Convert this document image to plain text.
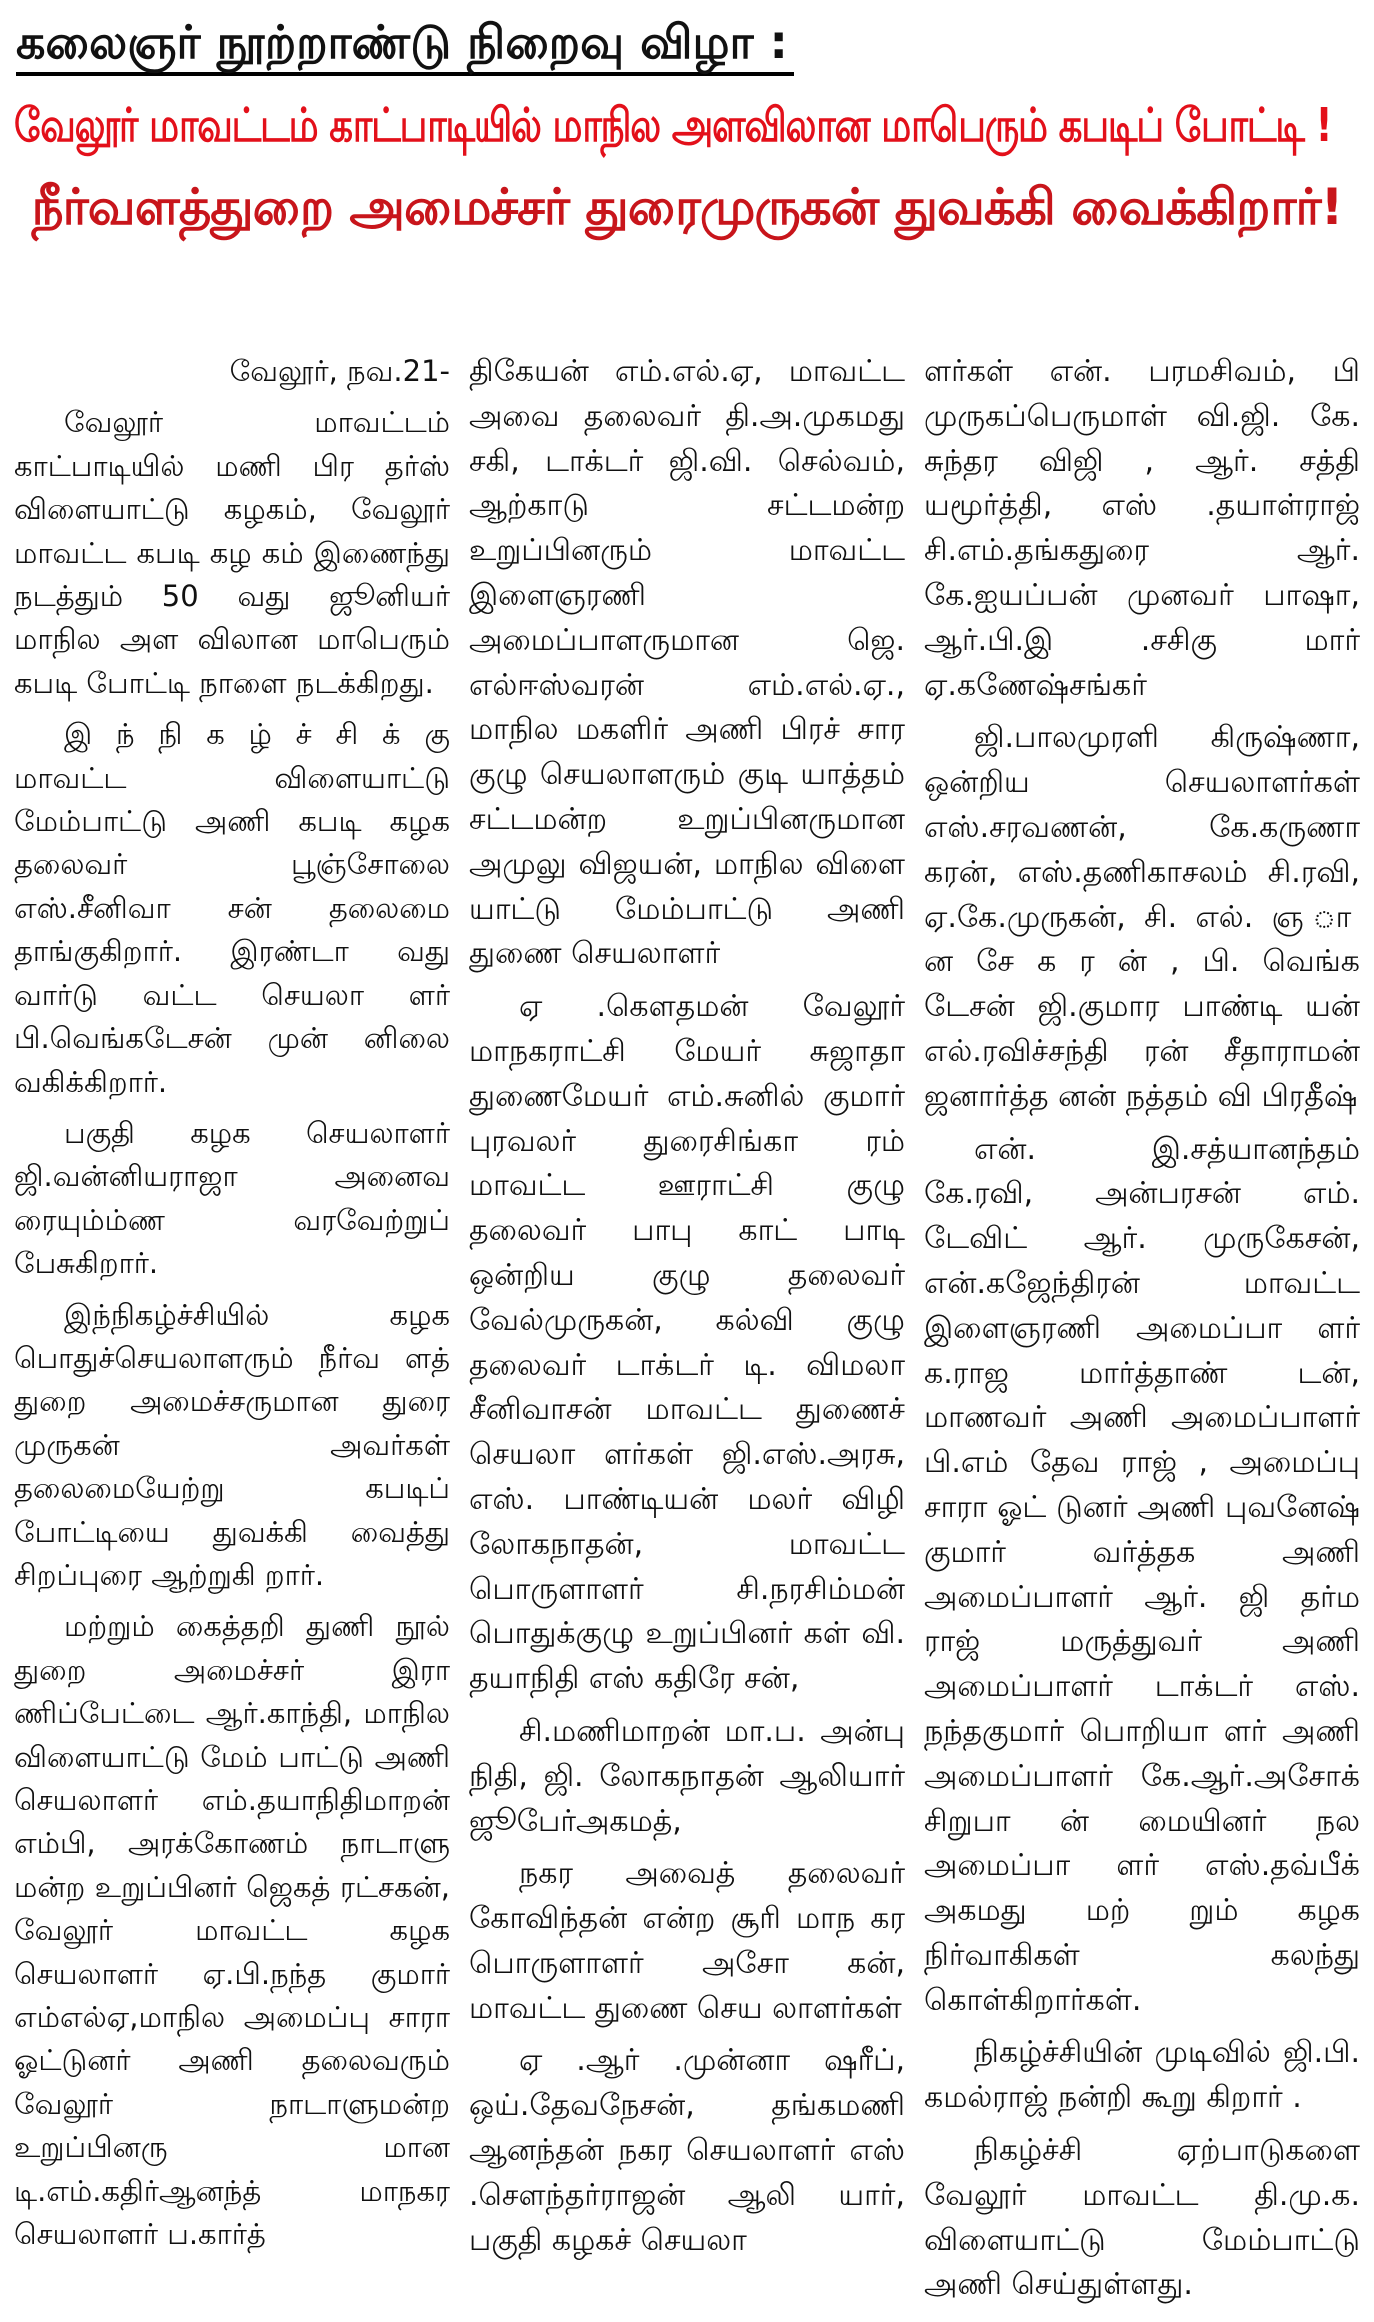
கலைஞர் நூற்றாண்டு நிறைவு விழா :
வேலூர் மாவட்டம் காட்பாடியில் மாநில அளவிலான மாபெரும் கபடிப் போட்டி !
நீர்வளத்துறை அமைச்சர் துரைமுருகன் துவக்கி வைக்கிறார்!

வேலூர், நவ.21-

வேலூர் மாவட்டம் காட்பாடியில் மணி பிர தர்ஸ் விளையாட்டு கழகம், வேலூர் மாவட்ட கபடி கழ கம் இணைந்து நடத்தும் 50 வது ஜூனியர் மாநில அள விலான மாபெரும் கபடி போட்டி நாளை நடக்கிறது.

இ ந் நி க ழ் ச் சி க் கு மாவட்ட விளையாட்டு மேம்பாட்டு அணி கபடி கழக தலைவர் பூஞ்சோலை எஸ்.சீனிவா சன் தலைமை தாங்குகிறார். இரண்டா வது வார்டு வட்ட செயலா ளர் பி.வெங்கடேசன் முன் னிலை வகிக்கிறார்.

பகுதி கழக செயலாளர் ஜி.வன்னியராஜா அனைவ ரையும்ம்ண வரவேற்றுப் பேசுகிறார்.

இந்நிகழ்ச்சியில் கழக பொதுச்செயலாளரும் நீர்வ ளத் துறை அமைச்சருமான துரை முருகன் அவர்கள் தலைமையேற்று கபடிப் போட்டியை துவக்கி வைத்து சிறப்புரை ஆற்றுகி றார்.

மற்றும் கைத்தறி துணி நூல் துறை அமைச்சர் இரா ணிப்பேட்டை ஆர்.காந்தி, மாநில விளையாட்டு மேம் பாட்டு அணி செயலாளர் எம்.தயாநிதிமாறன் எம்பி, அரக்கோணம் நாடாளு மன்ற உறுப்பினர் ஜெகத் ரட்சகன், வேலூர் மாவட்ட கழக செயலாளர் ஏ.பி.நந்த குமார் எம்எல்ஏ,மாநில அமைப்பு சாரா ஓட்டுனர் அணி தலைவரும் வேலூர் நாடாளுமன்ற உறுப்பினரு மான டி.எம்.கதிர்ஆனந்த் மாநகர செயலாளர் ப.கார்த்

திகேயன் எம்.எல்.ஏ, மாவட்ட அவை தலைவர் தி.அ.முகமது சகி, டாக்டர் ஜி.வி. செல்வம், ஆற்காடு சட்டமன்ற உறுப்பினரும் மாவட்ட இளைஞரணி அமைப்பாளருமான ஜெ. எல்ஈஸ்வரன் எம்.எல்.ஏ., மாநில மகளிர் அணி பிரச் சார குழு செயலாளரும் குடி யாத்தம் சட்டமன்ற உறுப்பினருமான அமுலு விஜயன், மாநில விளை யாட்டு மேம்பாட்டு அணி துணை செயலாளர்

ஏ .கௌதமன் வேலூர் மாநகராட்சி மேயர் சுஜாதா துணைமேயர் எம்.சுனில் குமார் புரவலர் துரைசிங்கா ரம் மாவட்ட ஊராட்சி குழு தலைவர் பாபு காட் பாடி ஒன்றிய குழு தலைவர் வேல்முருகன், கல்வி குழு தலைவர் டாக்டர் டி. விமலா சீனிவாசன் மாவட்ட துணைச் செயலா ளர்கள் ஜி.எஸ்.அரசு, எஸ். பாண்டியன் மலர் விழி லோகநாதன், மாவட்ட பொருளாளர் சி.நரசிம்மன் பொதுக்குழு உறுப்பினர் கள் வி. தயாநிதி எஸ் கதிரே சன்,

சி.மணிமாறன் மா.ப. அன்பு நிதி, ஜி. லோகநாதன் ஆலியார் ஜூபேர்அகமத்,

நகர அவைத் தலைவர் கோவிந்தன் என்ற சூரி மாந கர பொருளாளர் அசோ கன், மாவட்ட துணை செய லாளர்கள்

ஏ .ஆர் .முன்னா ஷரீப், ஒய்.தேவநேசன், தங்கமணி ஆனந்தன் நகர செயலாளர் எஸ் .சௌந்தர்ராஜன் ஆலி யார், பகுதி கழகச் செயலா

ளர்கள் என். பரமசிவம், பி முருகப்பெருமாள் வி.ஜி. கே. சுந்தர விஜி , ஆர். சத்தி யமூர்த்தி, எஸ் .தயாள்ராஜ் சி.எம்.தங்கதுரை ஆர். கே.ஐயப்பன் முனவர் பாஷா, ஆர்.பி.இ .சசிகு மார் ஏ.கணேஷ்சங்கர்

ஜி.பாலமுரளி கிருஷ்ணா, ஒன்றிய செயலாளர்கள் எஸ்.சரவணன், கே.கருணா கரன், எஸ்.தணிகாசலம் சி.ரவி, ஏ.கே.முருகன், சி. எல். ஞ ா ன சே க ர ன் , பி. வெங்க டேசன் ஜி.குமார பாண்டி யன் எல்.ரவிச்சந்தி ரன் சீதாராமன் ஜனார்த்த னன் நத்தம் வி பிரதீஷ்

என். இ.சத்யானந்தம் கே.ரவி, அன்பரசன் எம். டேவிட் ஆர். முருகேசன், என்.கஜேந்திரன் மாவட்ட இளைஞரணி அமைப்பா ளர் க.ராஜ மார்த்தாண் டன், மாணவர் அணி அமைப்பாளர் பி.எம் தேவ ராஜ் , அமைப்பு சாரா ஓட் டுனர் அணி புவனேஷ் குமார் வர்த்தக அணி அமைப்பாளர் ஆர். ஜி தர்ம ராஜ் மருத்துவர் அணி அமைப்பாளர் டாக்டர் எஸ். நந்தகுமார் பொறியா ளர் அணி அமைப்பாளர் கே.ஆர்.அசோக் சிறுபா ன் மையினர் நல அமைப்பா ளர் எஸ்.தவ்பீக் அகமது மற் றும் கழக நிர்வாகிகள் கலந்து கொள்கிறார்கள்.

நிகழ்ச்சியின் முடிவில் ஜி.பி. கமல்ராஜ் நன்றி கூறு கிறார் .

நிகழ்ச்சி ஏற்பாடுகளை வேலூர் மாவட்ட தி.மு.க. விளையாட்டு மேம்பாட்டு அணி செய்துள்ளது.
